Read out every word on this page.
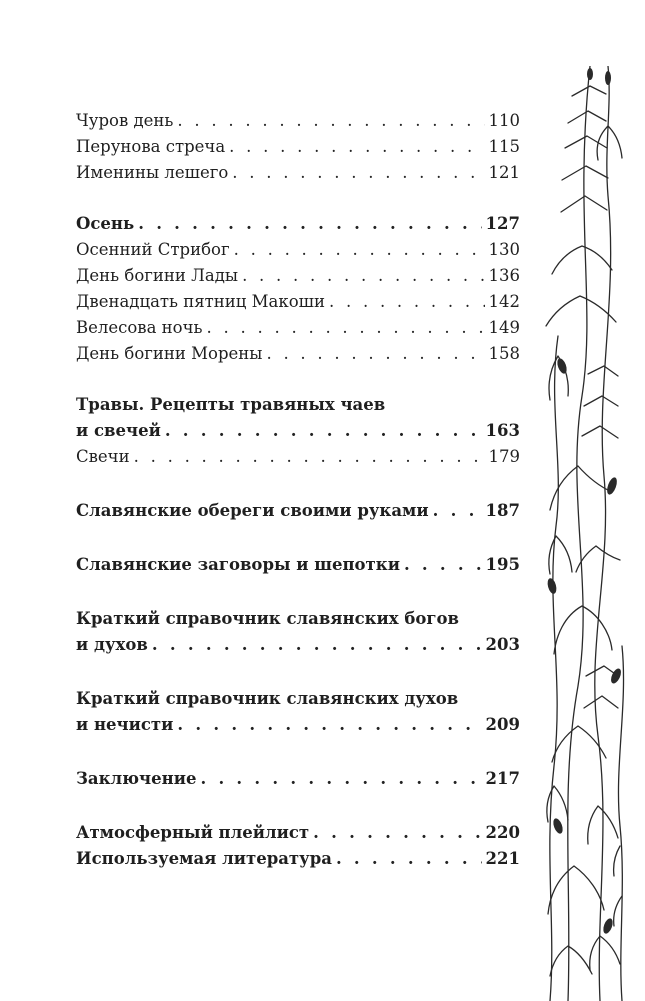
Чуров день . . .	110
Перунова стреча . . .	115
Именины лешего . . .	121
Осень . . .	127
Осенний Стрибог . . .	130
День богини Лады . . .	136
Двенадцать пятниц Макоши . . .	142
Велесова ночь . . .	149
День богини Морены . . .	158
Травы. Рецепты травяных чаев
и свечей . . .	163
Свечи . . .	179
Славянские обереги своими руками . . .	187
Славянские заговоры и шепотки . . .	195
Краткий справочник славянских богов
и духов . . .	203
Краткий справочник славянских духов
и нечисти . . .	209
Заключение . . .	217
Атмосферный плейлист . . .	220
Используемая литература . . .	221
